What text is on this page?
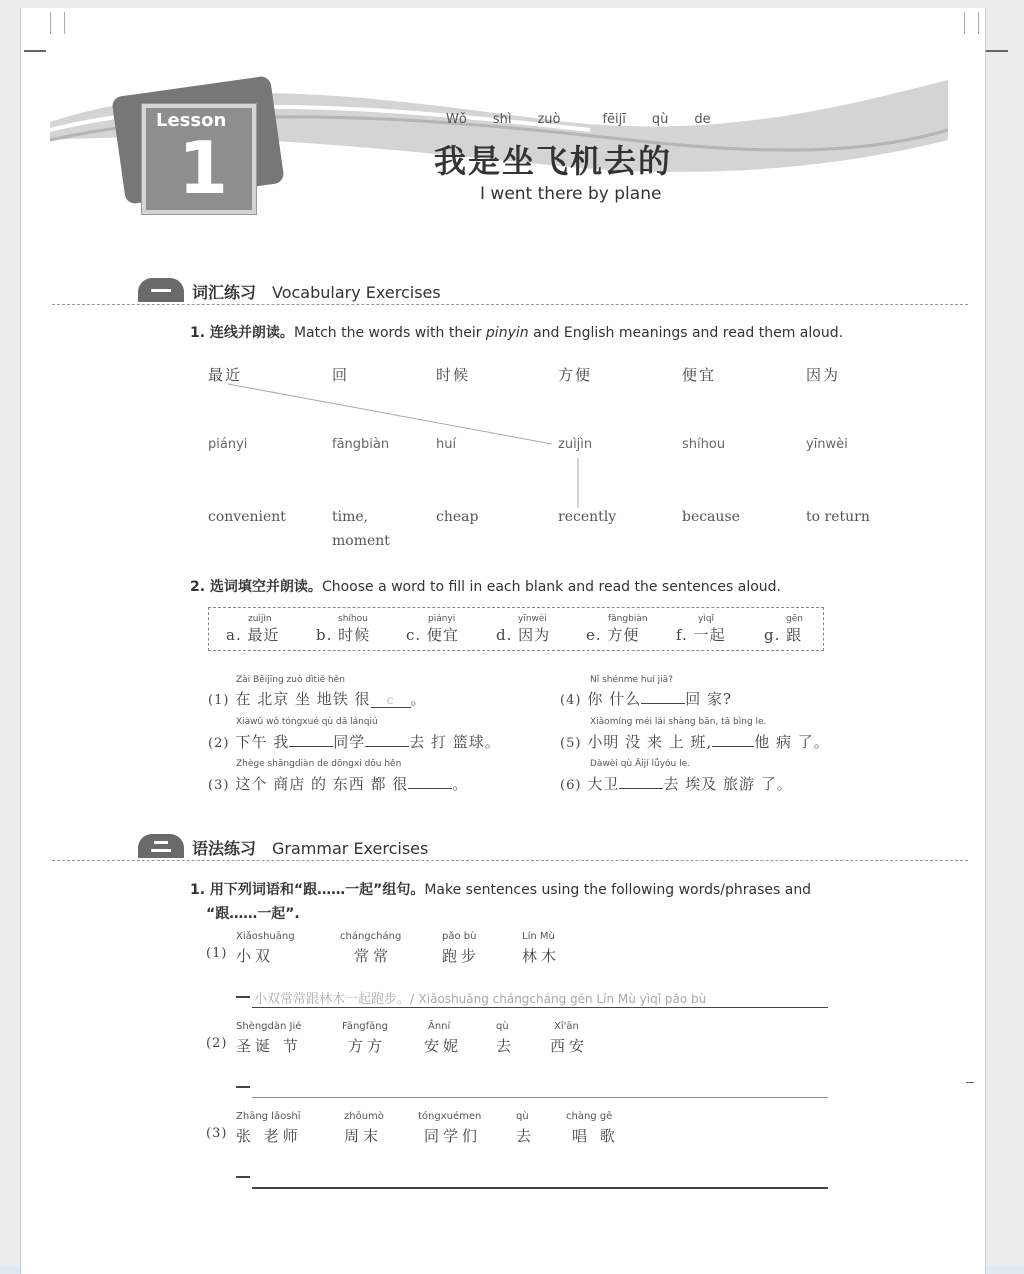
Lesson
1
Wǒ shì zuò	fēijī qù de
我是坐飞机去的
I went there by plane
词汇练习 Vocabulary Exercises
1. 连线并朗读。Match the words with their pinyin and English meanings and read them aloud.
最近	回	时候	方便	便宜	因为
piányi	fāngbiàn	huí	zuìjìn	shíhou	yīnwèi
convenient	time,
moment
cheap	recently	because	to return
2. 选词填空并朗读。Choose a word to fill in each blank and read the sentences aloud.
zuìjìn
a. 最近
shíhou
b. 时候
piányi
c. 便宜
yīnwèi
d. 因为
fāngbiàn
e. 方便
yìqǐ
f. 一起
gēn
g. 跟
Zài Běijīng zuò dìtiě hěn
(1) 在 北京 坐 地铁 很 c 。
Xiàwǔ wǒ tóngxué qù dǎ lánqiú
(2) 下午 我	同学	去 打 篮球。
Zhège shāngdiàn de dōngxi dōu hěn
(3) 这个 商店 的 东西 都 很	。
Nǐ shénme huí jiā?
(4) 你 什么	回 家?
Xiǎomíng méi lái shàng bān, tā bìng le.
(5) 小明 没 来 上 班,	他 病 了。
Dàwèi qù Āijí lǚyóu le.
(6) 大卫	去 埃及 旅游 了。
语法练习 Grammar Exercises
1. 用下列词语和“跟……一起”组句。Make sentences using the following words/phrases and
“跟……一起”.
(1)
Xiǎoshuāng
小双
chángcháng
常常
pǎo bù
跑步
Lín Mù
林木
小双常常跟林木一起跑步。/ Xiǎoshuāng chángcháng gēn Lín Mù yìqǐ pǎo bù
(2)
Shèngdàn Jié
圣诞 节
Fāngfāng
方方
Ānní
安妮
qù
去
Xī'ān
西安
(3)
Zhāng lǎoshī
张 老师
zhōumò
周末
tóngxuémen
同学们
qù
去
chàng gē
唱 歌
